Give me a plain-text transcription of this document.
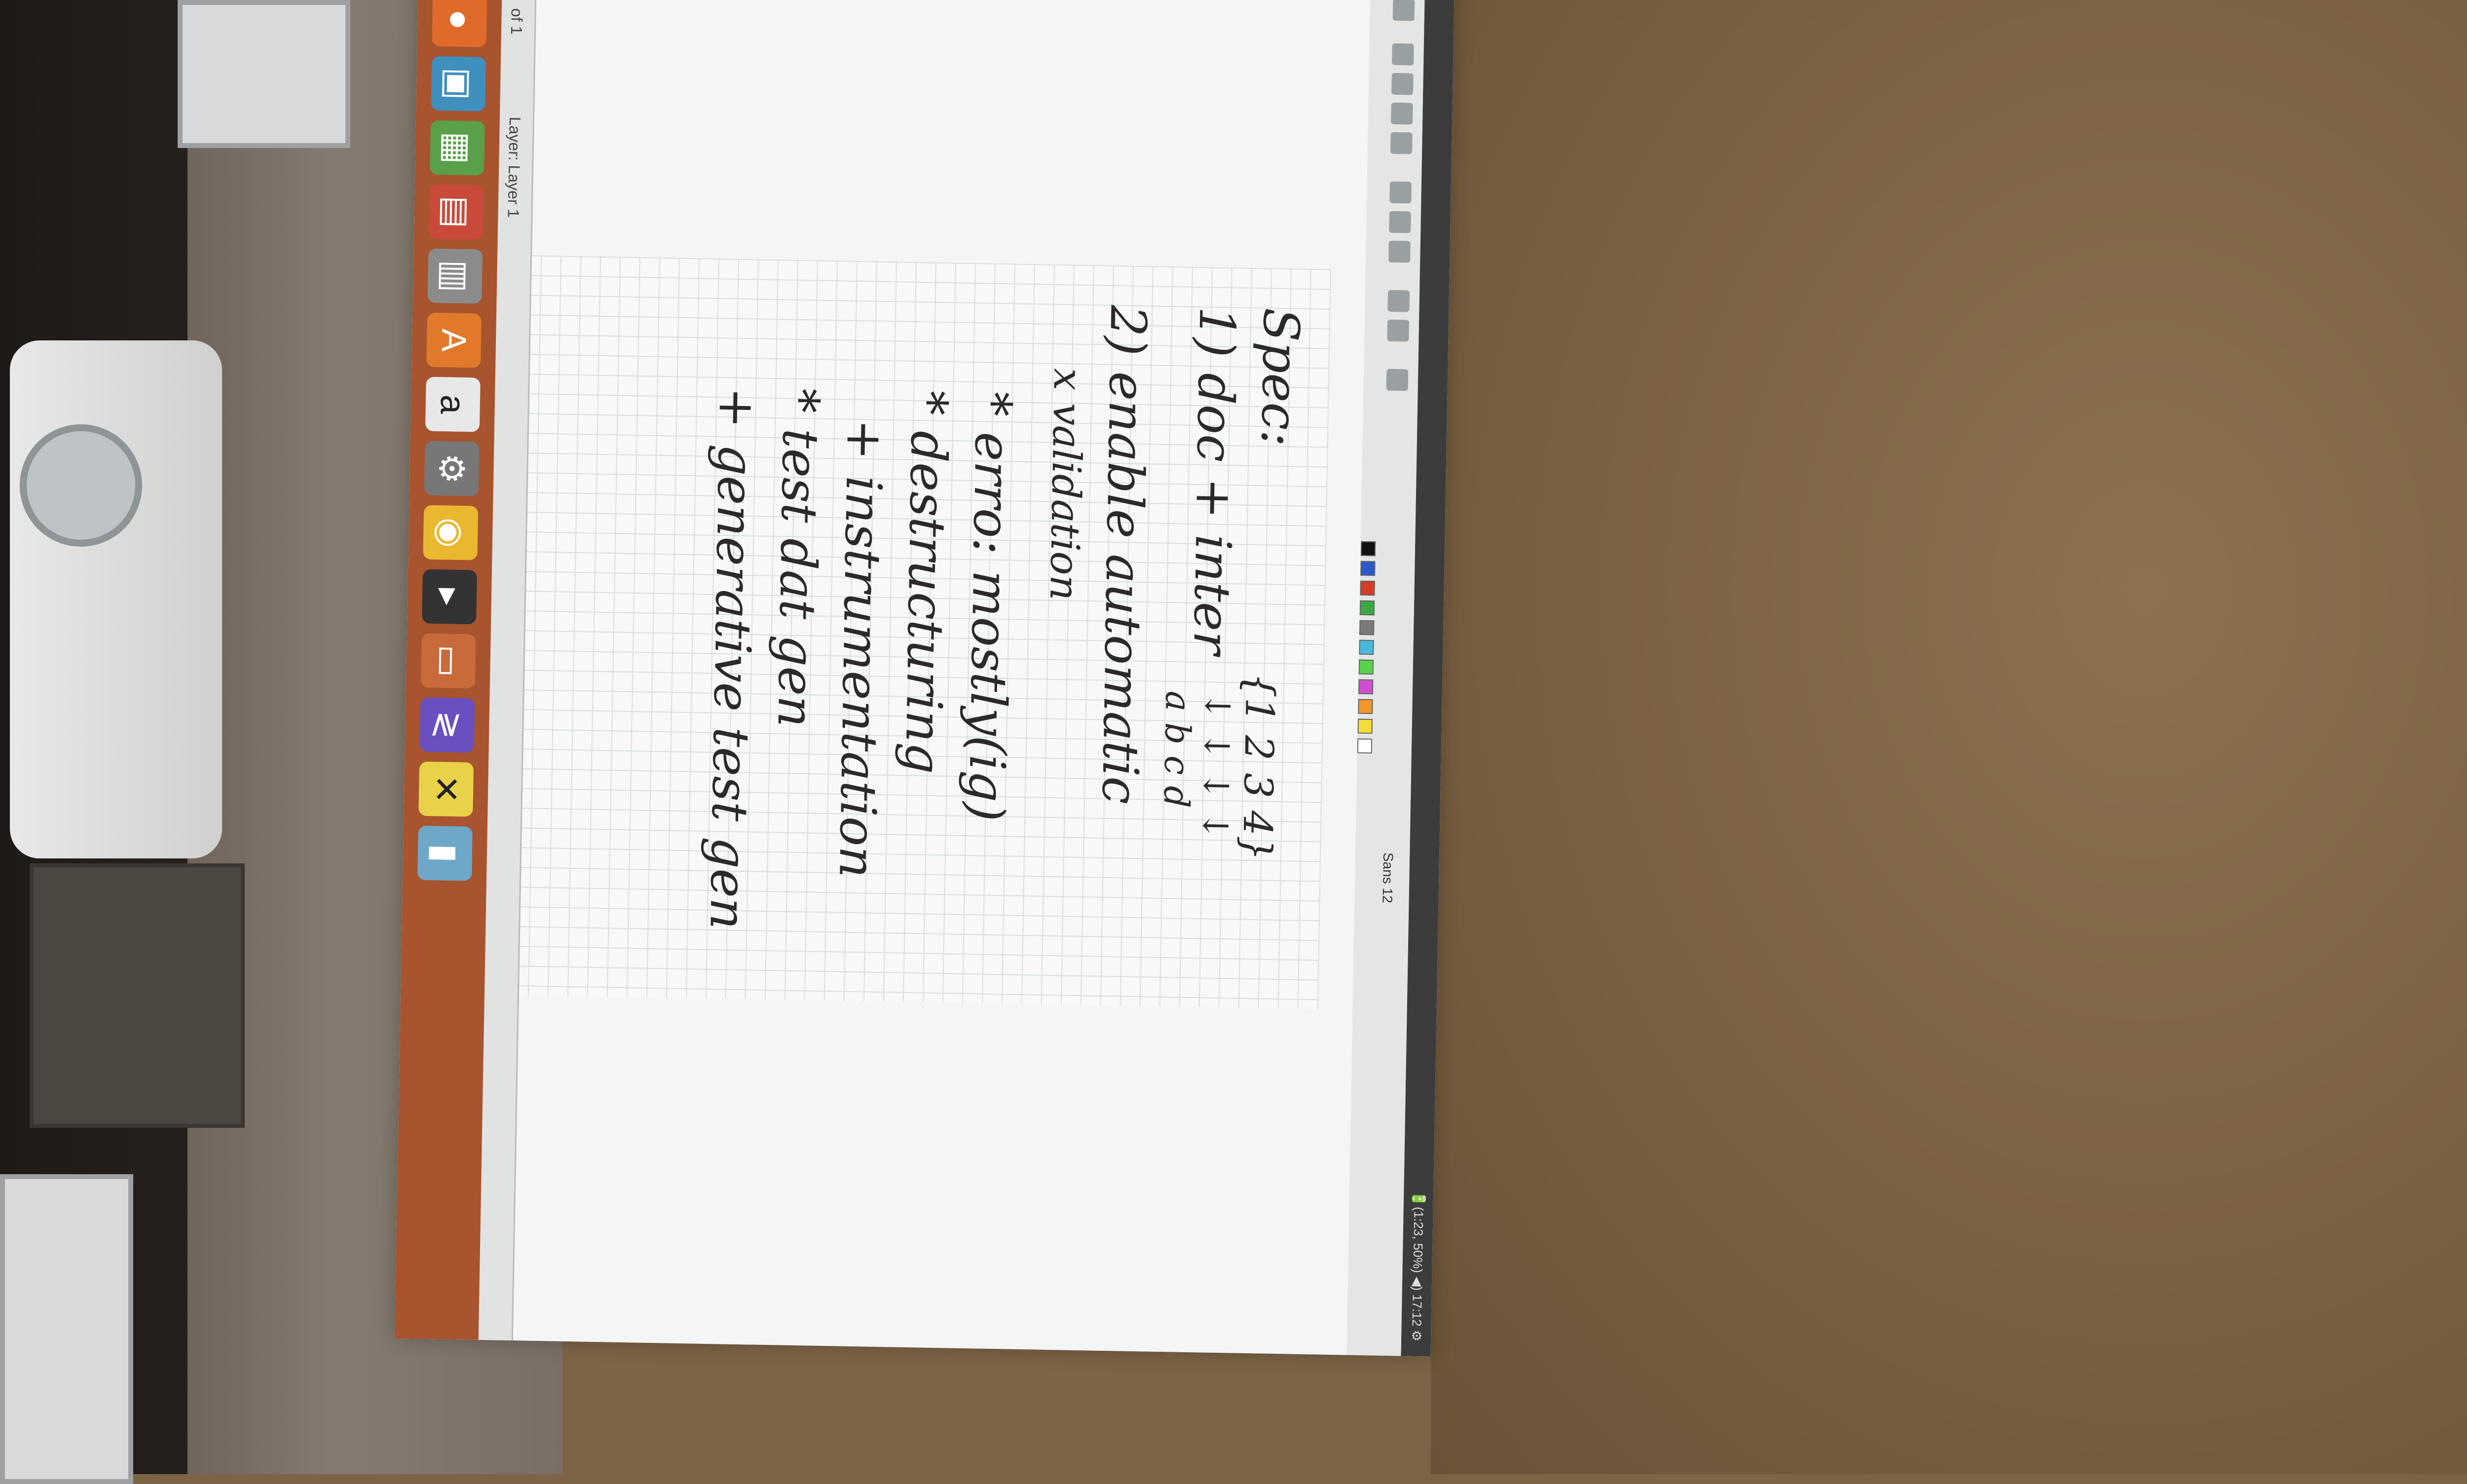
🔋(1:23, 50%) ◀) 17:12 ⚙
Sans 12
Spec:
1) doc + inter
{1 2 3 4}
↓ ↓ ↓ ↓
a b c d
2) enable automatic
x validation
* erro: mostly(ig)
* destructuring
+ instrumentation
* test dat gen
+ generative test gen
of 1
Layer: Layer 1
●
▣
▦
▤
▥
A
a
⚙
◉
▸
▭
≷
✕
▮
